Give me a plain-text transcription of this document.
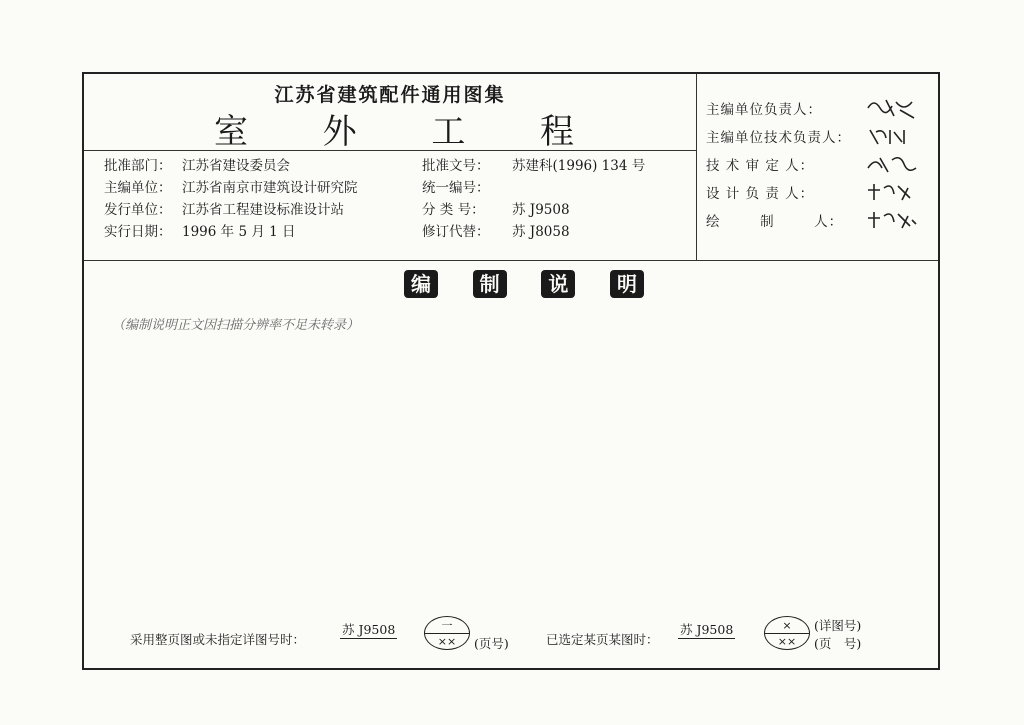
江苏省建筑配件通用图集
室 外 工 程
批准部门： 江苏省建设委员会	批准文号：	苏建科(1996) 134 号
主编单位： 江苏省南京市建筑设计研究院	统一编号：
发行单位： 江苏省工程建设标准设计站	分 类 号：	苏 J9508
实行日期： 1996 年 5 月 1 日	修订代替：	苏 J8058
主编单位负责人：
主编单位技术负责人：
技 术 审 定 人：
设 计 负 责 人：
绘 　　 制 　　 人：
编	制	说	明
（编制说明正文因扫描分辨率不足未转录）
采用整页图或未指定详图号时：
苏 J9508	一
××	(页号)	已选定某页某图时：
苏 J9508	×
××
(详图号)
(页　号)
